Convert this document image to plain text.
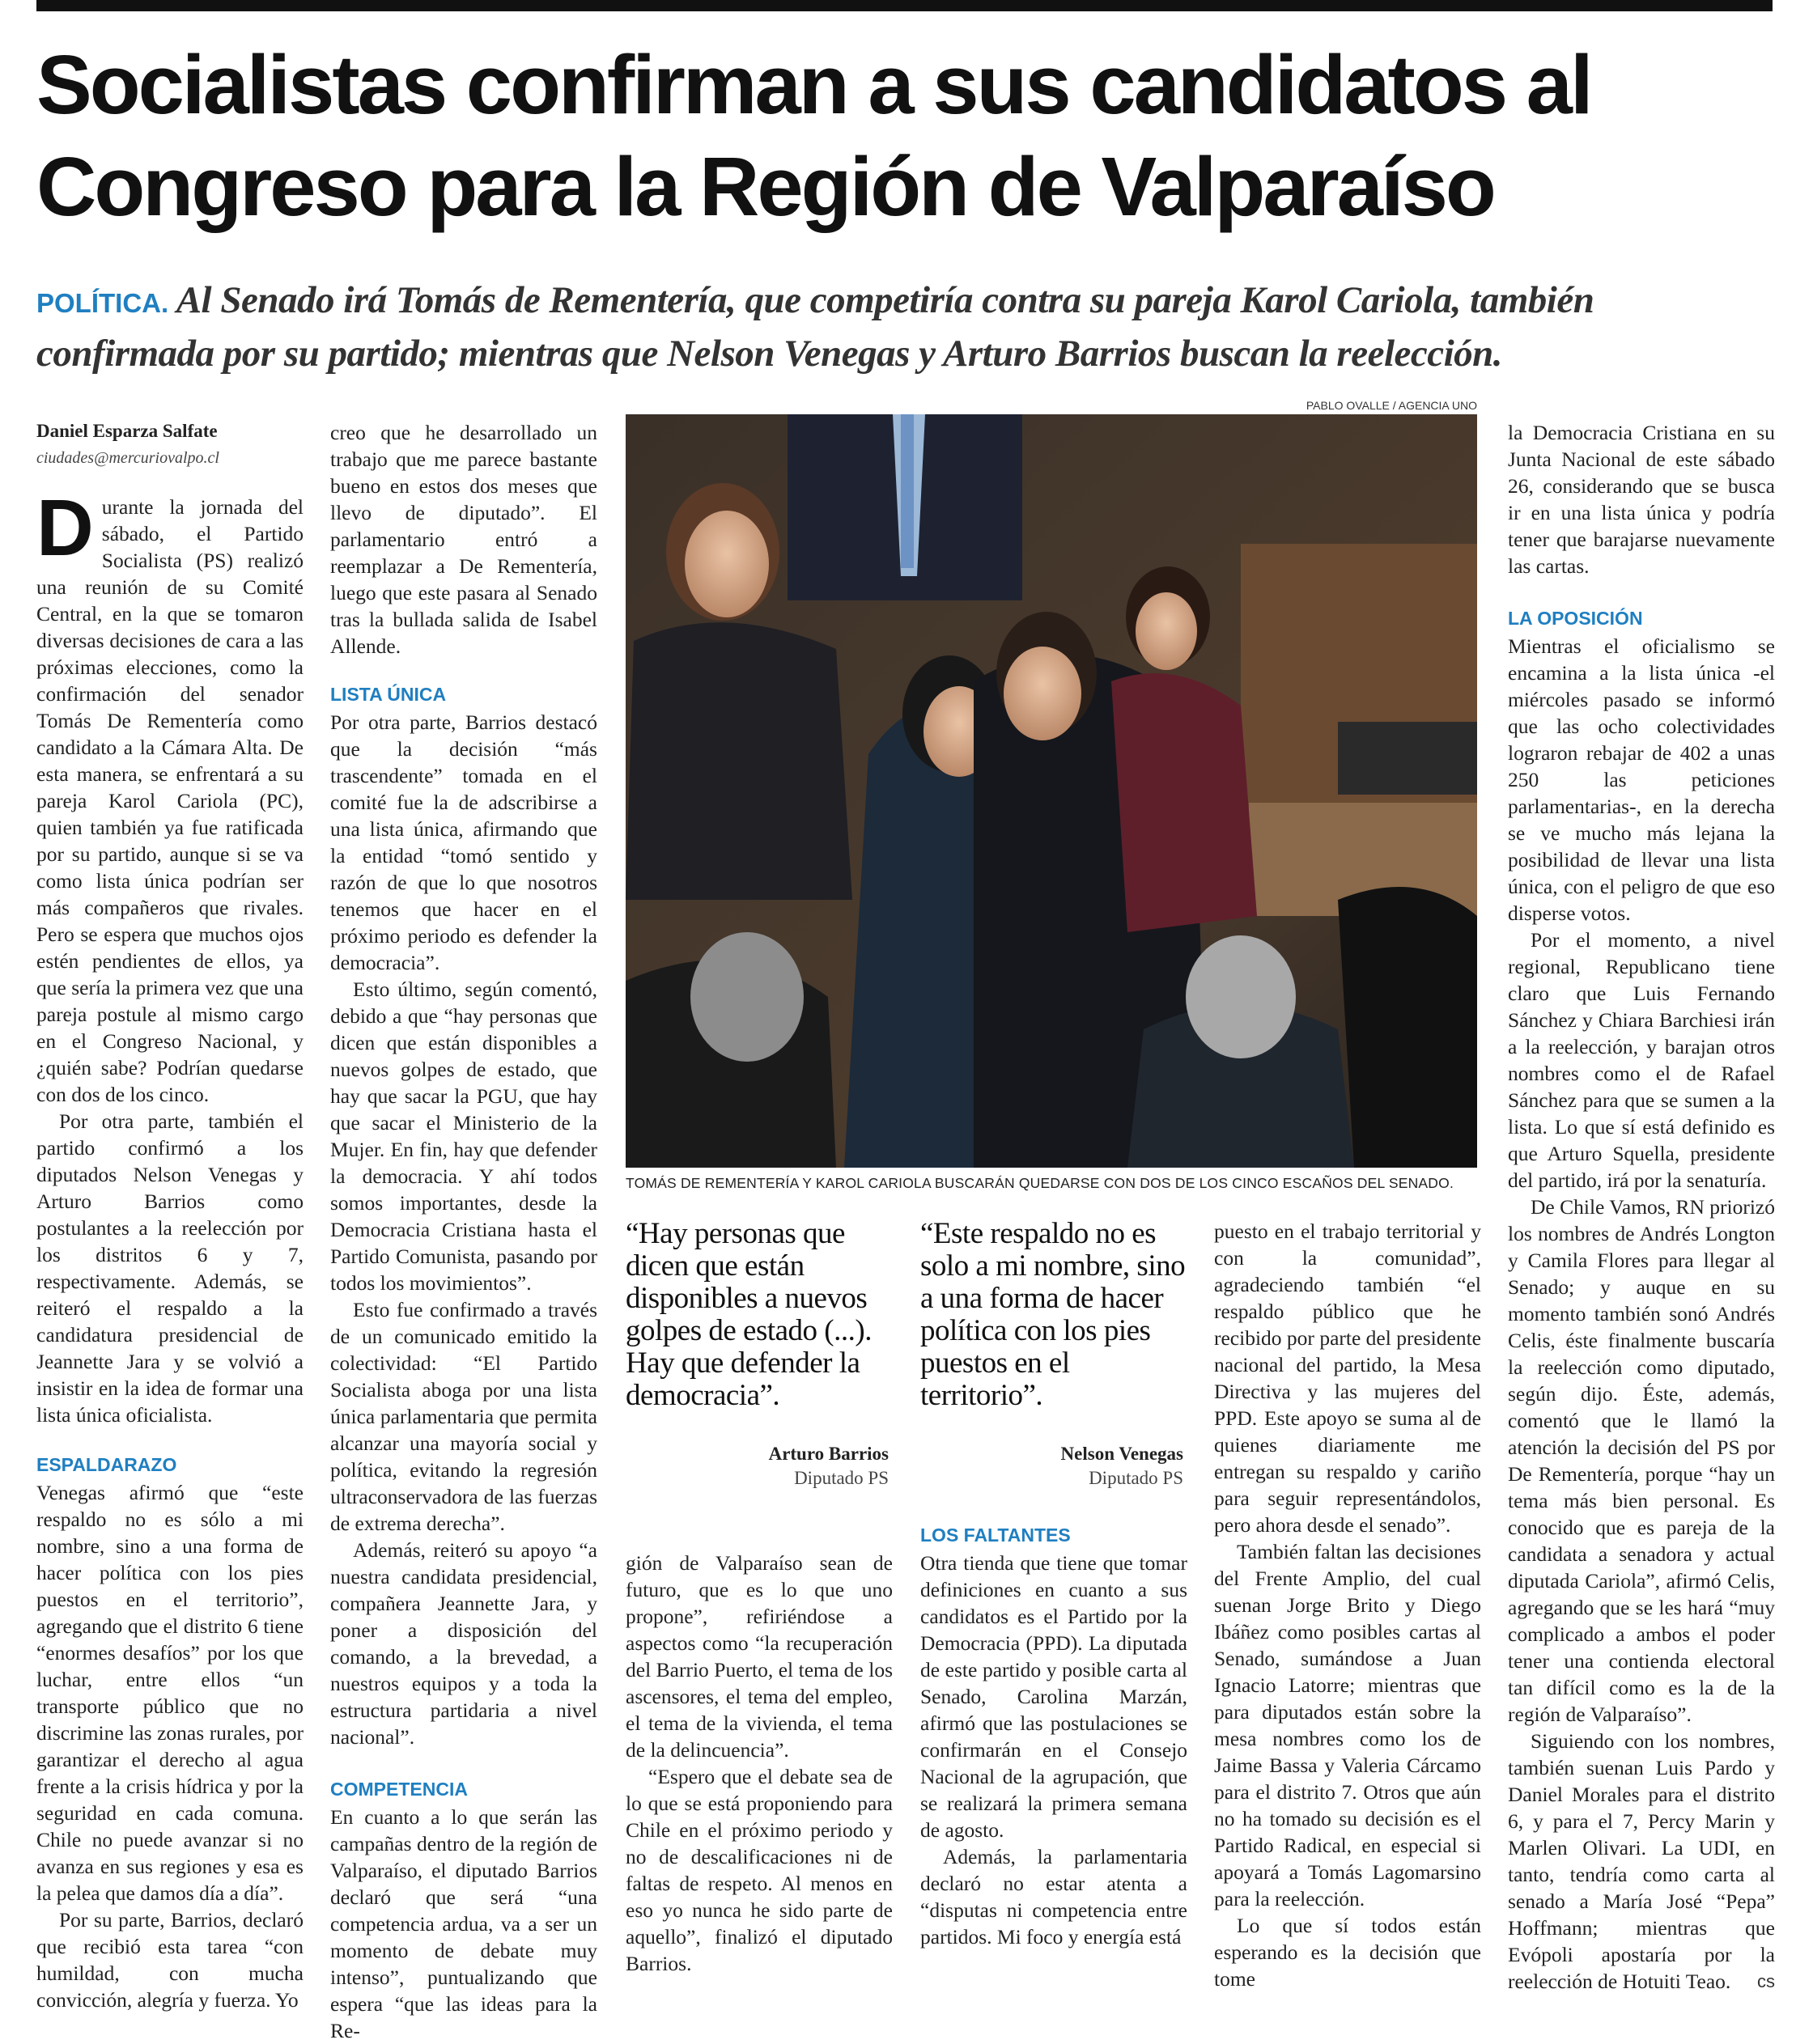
Socialistas confirman a sus candidatos al
Congreso para la Región de Valparaíso
POLÍTICA. Al Senado irá Tomás de Rementería, que competiría contra su pareja Karol Cariola, también confirmada por su partido; mientras que Nelson Venegas y Arturo Barrios buscan la reelección.
Daniel Esparza Salfate
ciudades@mercuriovalpo.cl

Durante la jornada del sábado, el Partido Socialista (PS) realizó una reunión de su Comité Central, en la que se tomaron diversas decisiones de cara a las próximas elecciones, como la confirmación del senador Tomás De Rementería como candidato a la Cámara Alta. De esta manera, se enfrentará a su pareja Karol Cariola (PC), quien también ya fue ratificada por su partido, aunque si se va como lista única podrían ser más compañeros que rivales. Pero se espera que muchos ojos estén pendientes de ellos, ya que sería la primera vez que una pareja postule al mismo cargo en el Congreso Nacional, y ¿quién sabe? Podrían quedarse con dos de los cinco.

Por otra parte, también el partido confirmó a los diputados Nelson Venegas y Arturo Barrios como postulantes a la reelección por los distritos 6 y 7, respectivamente. Además, se reiteró el respaldo a la candidatura presidencial de Jeannette Jara y se volvió a insistir en la idea de formar una lista única oficialista.

ESPALDARAZO

Venegas afirmó que “este respaldo no es sólo a mi nombre, sino a una forma de hacer política con los pies puestos en el territorio”, agregando que el distrito 6 tiene “enormes desafíos” por los que luchar, entre ellos “un transporte público que no discrimine las zonas rurales, por garantizar el derecho al agua frente a la crisis hídrica y por la seguridad en cada comuna. Chile no puede avanzar si no avanza en sus regiones y esa es la pelea que damos día a día”.

Por su parte, Barrios, declaró que recibió esta tarea “con humildad, con mucha convicción, alegría y fuerza. Yo

creo que he desarrollado un trabajo que me parece bastante bueno en estos dos meses que llevo de diputado”. El parlamentario entró a reemplazar a De Rementería, luego que este pasara al Senado tras la bullada salida de Isabel Allende.

LISTA ÚNICA

Por otra parte, Barrios destacó que la decisión “más trascendente” tomada en el comité fue la de adscribirse a una lista única, afirmando que la entidad “tomó sentido y razón de que lo que nosotros tenemos que hacer en el próximo periodo es defender la democracia”.

Esto último, según comentó, debido a que “hay personas que dicen que están disponibles a nuevos golpes de estado, que hay que sacar la PGU, que hay que sacar el Ministerio de la Mujer. En fin, hay que defender la democracia. Y ahí todos somos importantes, desde la Democracia Cristiana hasta el Partido Comunista, pasando por todos los movimientos”.

Esto fue confirmado a través de un comunicado emitido la colectividad: “El Partido Socialista aboga por una lista única parlamentaria que permita alcanzar una mayoría social y política, evitando la regresión ultraconservadora de las fuerzas de extrema derecha”.

Además, reiteró su apoyo “a nuestra candidata presidencial, compañera Jeannette Jara, y poner a disposición del comando, a la brevedad, a nuestros equipos y a toda la estructura partidaria a nivel nacional”.

COMPETENCIA

En cuanto a lo que serán las campañas dentro de la región de Valparaíso, el diputado Barrios declaró que será “una competencia ardua, va a ser un momento de debate muy intenso”, puntualizando que espera “que las ideas para la Re-

PABLO OVALLE / AGENCIA UNO
TOMÁS DE REMENTERÍA Y KAROL CARIOLA BUSCARÁN QUEDARSE CON DOS DE LOS CINCO ESCAÑOS DEL SENADO.
“Hay personas que dicen que están disponibles a nuevos golpes de estado (...). Hay que defender la democracia”.
Arturo Barrios
Diputado PS
“Este respaldo no es solo a mi nombre, sino a una forma de hacer política con los pies puestos en el territorio”.
Nelson Venegas
Diputado PS

gión de Valparaíso sean de futuro, que es lo que uno propone”, refiriéndose a aspectos como “la recuperación del Barrio Puerto, el tema de los ascensores, el tema del empleo, el tema de la vivienda, el tema de la delincuencia”.

“Espero que el debate sea de lo que se está proponiendo para Chile en el próximo periodo y no de descalificaciones ni de faltas de respeto. Al menos en eso yo nunca he sido parte de aquello”, finalizó el diputado Barrios.

LOS FALTANTES

Otra tienda que tiene que tomar definiciones en cuanto a sus candidatos es el Partido por la Democracia (PPD). La diputada de este partido y posible carta al Senado, Carolina Marzán, afirmó que las postulaciones se confirmarán en el Consejo Nacional de la agrupación, que se realizará la primera semana de agosto.

Además, la parlamentaria declaró no estar atenta a “disputas ni competencia entre partidos. Mi foco y energía está

puesto en el trabajo territorial y con la comunidad”, agradeciendo también “el respaldo público que he recibido por parte del presidente nacional del partido, la Mesa Directiva y las mujeres del PPD. Este apoyo se suma al de quienes diariamente me entregan su respaldo y cariño para seguir representándolos, pero ahora desde el senado”.

También faltan las decisiones del Frente Amplio, del cual suenan Jorge Brito y Diego Ibáñez como posibles cartas al Senado, sumándose a Juan Ignacio Latorre; mientras que para diputados están sobre la mesa nombres como los de Jaime Bassa y Valeria Cárcamo para el distrito 7. Otros que aún no ha tomado su decisión es el Partido Radical, en especial si apoyará a Tomás Lagomarsino para la reelección.

Lo que sí todos están esperando es la decisión que tome

la Democracia Cristiana en su Junta Nacional de este sábado 26, considerando que se busca ir en una lista única y podría tener que barajarse nuevamente las cartas.

LA OPOSICIÓN

Mientras el oficialismo se encamina a la lista única -el miércoles pasado se informó que las ocho colectividades lograron rebajar de 402 a unas 250 las peticiones parlamentarias-, en la derecha se ve mucho más lejana la posibilidad de llevar una lista única, con el peligro de que eso disperse votos.

Por el momento, a nivel regional, Republicano tiene claro que Luis Fernando Sánchez y Chiara Barchiesi irán a la reelección, y barajan otros nombres como el de Rafael Sánchez para que se sumen a la lista. Lo que sí está definido es que Arturo Squella, presidente del partido, irá por la senaturía.

De Chile Vamos, RN priorizó los nombres de Andrés Longton y Camila Flores para llegar al Senado; y auque en su momento también sonó Andrés Celis, éste finalmente buscaría la reelección como diputado, según dijo. Éste, además, comentó que le llamó la atención la decisión del PS por De Rementería, porque “hay un tema más bien personal. Es conocido que es pareja de la candidata a senadora y actual diputada Cariola”, afirmó Celis, agregando que se les hará “muy complicado a ambos el poder tener una contienda electoral tan difícil como es la de la región de Valparaíso”.

Siguiendo con los nombres, también suenan Luis Pardo y Daniel Morales para el distrito 6, y para el 7, Percy Marin y Marlen Olivari. La UDI, en tanto, tendría como carta al senado a María José “Pepa” Hoffmann; mientras que Evópoli apostaría por la reelección de Hotuiti Teao.	cs
